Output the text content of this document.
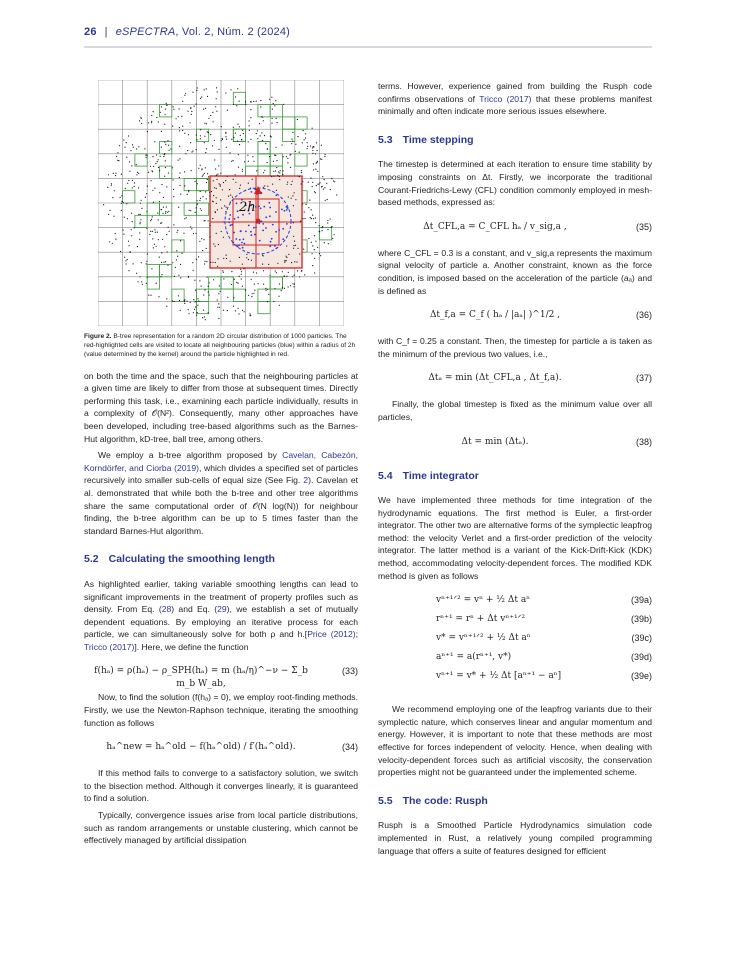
26 | eSPECTRA, Vol. 2, Núm. 2 (2024)
2h
Figure 2. B-tree representation for a random 2D circular distribution of 1000 particles. The red-highlighted cells are visited to locate all neighbouring particles (blue) within a radius of 2h (value determined by the kernel) around the particle highlighted in red.

on both the time and the space, such that the neighbouring particles at a given time are likely to differ from those at subsequent times. Directly performing this task, i.e., examining each particle individually, results in a complexity of 𝒪(N²). Consequently, many other approaches have been developed, including tree-based algorithms such as the Barnes-Hut algorithm, kD-tree, ball tree, among others.

We employ a b-tree algorithm proposed by Cavelan, Cabezón, Korndörfer, and Ciorba (2019), which divides a specified set of particles recursively into smaller sub-cells of equal size (See Fig. 2). Cavelan et al. demonstrated that while both the b-tree and other tree algorithms share the same computational order of 𝒪(N log(N)) for neighbour finding, the b-tree algorithm can be up to 5 times faster than the standard Barnes-Hut algorithm.

5.2 Calculating the smoothing length

As highlighted earlier, taking variable smoothing lengths can lead to significant improvements in the treatment of property profiles such as density. From Eq. (28) and Eq. (29), we establish a set of mutually dependent equations. By employing an iterative process for each particle, we can simultaneously solve for both ρ and h.[Price (2012); Tricco (2017)]. Here, we define the function

f(hₐ) = ρ(hₐ) − ρ_SPH(hₐ) = m (hₐ/η)^−ν − Σ_b m_b W_ab,
(33)

Now, to find the solution (f(hₐ) = 0), we employ root-finding methods. Firstly, we use the Newton-Raphson technique, iterating the smoothing function as follows

hₐ^new = hₐ^old − f(hₐ^old) / f′(hₐ^old).	(34)

If this method fails to converge to a satisfactory solution, we switch to the bisection method. Although it converges linearly, it is guaranteed to find a solution.

Typically, convergence issues arise from local particle distributions, such as random arrangements or unstable clustering, which cannot be effectively managed by artificial dissipation

terms. However, experience gained from building the Rusph code confirms observations of Tricco (2017) that these problems manifest minimally and often indicate more serious issues elsewhere.

5.3 Time stepping

The timestep is determined at each iteration to ensure time stability by imposing constraints on Δt. Firstly, we incorporate the traditional Courant-Friedrichs-Lewy (CFL) condition commonly employed in mesh-based methods, expressed as:

Δt_CFL,a = C_CFL hₐ / v_sig,a ,	(35)

where C_CFL = 0.3 is a constant, and v_sig,a represents the maximum signal velocity of particle a. Another constraint, known as the force condition, is imposed based on the acceleration of the particle (aₐ) and is defined as

Δt_f,a = C_f ( hₐ / |aₐ| )^1/2 ,	(36)

with C_f = 0.25 a constant. Then, the timestep for particle a is taken as the minimum of the previous two values, i.e.,

Δtₐ = min (Δt_CFL,a , Δt_f,a).	(37)

Finally, the global timestep is fixed as the minimum value over all particles,

Δt = min (Δtₐ).	(38)
5.4 Time integrator

We have implemented three methods for time integration of the hydrodynamic equations. The first method is Euler, a first-order integrator. The other two are alternative forms of the symplectic leapfrog method: the velocity Verlet and a first-order prediction of the velocity integrator. The latter method is a variant of the Kick-Drift-Kick (KDK) method, accommodating velocity-dependent forces. The modified KDK method is given as follows

vⁿ⁺¹ᐟ² = vⁿ + ½ Δt aⁿ	(39a)
rⁿ⁺¹ = rⁿ + Δt vⁿ⁺¹ᐟ²	(39b)
v* = vⁿ⁺¹ᐟ² + ½ Δt aⁿ	(39c)
aⁿ⁺¹ = a(rⁿ⁺¹, v*)	(39d)
vⁿ⁺¹ = v* + ½ Δt [aⁿ⁺¹ − aⁿ]	(39e)

We recommend employing one of the leapfrog variants due to their symplectic nature, which conserves linear and angular momentum and energy. However, it is important to note that these methods are most effective for forces independent of velocity. Hence, when dealing with velocity-dependent forces such as artificial viscosity, the conservation properties might not be guaranteed under the implemented scheme.

5.5 The code: Rusph

Rusph is a Smoothed Particle Hydrodynamics simulation code implemented in Rust, a relatively young compiled programming language that offers a suite of features designed for efficient
